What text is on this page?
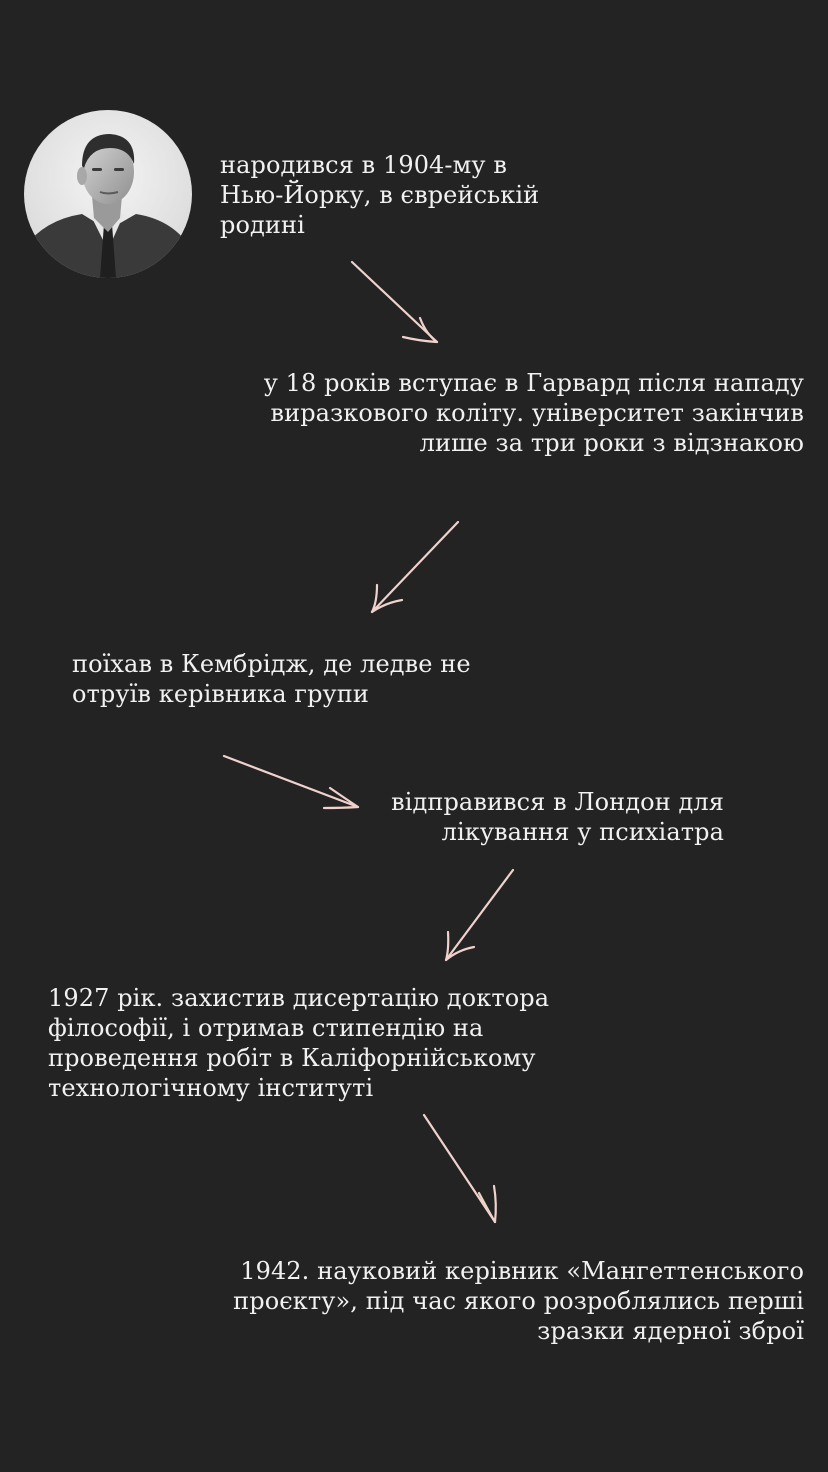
народився в 1904-му в
Нью-Йорку, в єврейській
родині
у 18 років вступає в Гарвард після нападу
виразкового коліту. університет закінчив
лише за три роки з відзнакою
поїхав в Кембрідж, де ледве не
отруїв керівника групи
відправився в Лондон для
лікування у психіатра
1927 рік. захистив дисертацію доктора
філософії, і отримав стипендію на
проведення робіт в Каліфорнійському
технологічному інституті
1942. науковий керівник «Мангеттенського
проєкту», під час якого розроблялись перші
зразки ядерної зброї
